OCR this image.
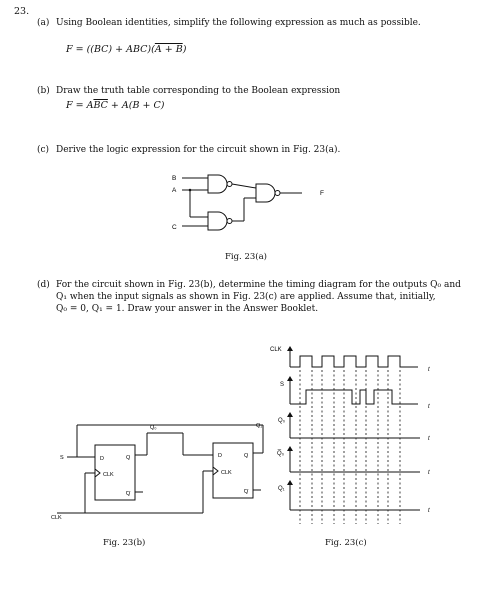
23.
(a) Using Boolean identities, simplify the following expression as much as possible.
F = ((BC) + ABC)(A + B)
(b) Draw the truth table corresponding to the Boolean expression
$F = A\overline{BC} + A(B + C)$
(c) Derive the logic expression for the circuit shown in Fig. 23(a).
B
A
C
F
Fig. 23(a)
(d) For the circuit shown in Fig. 23(b), determine the timing diagram for the outputs Q₀ and
Q₁ when the input signals as shown in Fig. 23(c) are applied. Assume that, initially,
Q₀ = 0, Q₁ = 1. Draw your answer in the Answer Booklet.
S
CLK
D	Q
CLK
Q
D	Q
CLK
Q
Q₀	Q₁
Fig. 23(b)
CLK
S
Q₀
Q̅₀
Q₁
t
t
t
t
t
Fig. 23(c)
